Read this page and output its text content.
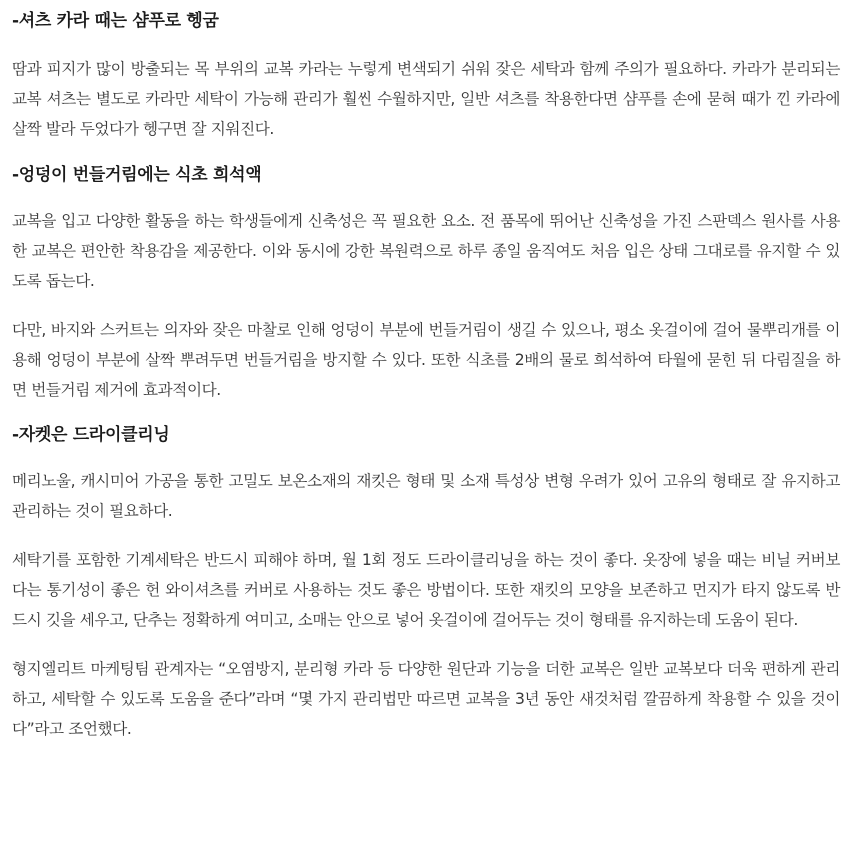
-셔츠 카라 때는 샴푸로 헹굼

땀과 피지가 많이 방출되는 목 부위의 교복 카라는 누렇게 변색되기 쉬워 잦은 세탁과 함께 주의가 필요하다. 카라가 분리되는 교복 셔츠는 별도로 카라만 세탁이 가능해 관리가 훨씬 수월하지만, 일반 셔츠를 착용한다면 샴푸를 손에 묻혀 때가 낀 카라에 살짝 발라 두었다가 헹구면 잘 지워진다.

-엉덩이 번들거림에는 식초 희석액

교복을 입고 다양한 활동을 하는 학생들에게 신축성은 꼭 필요한 요소. 전 품목에 뛰어난 신축성을 가진 스판덱스 원사를 사용한 교복은 편안한 착용감을 제공한다. 이와 동시에 강한 복원력으로 하루 종일 움직여도 처음 입은 상태 그대로를 유지할 수 있도록 돕는다.

다만, 바지와 스커트는 의자와 잦은 마찰로 인해 엉덩이 부분에 번들거림이 생길 수 있으나, 평소 옷걸이에 걸어 물뿌리개를 이용해 엉덩이 부분에 살짝 뿌려두면 번들거림을 방지할 수 있다. 또한 식초를 2배의 물로 희석하여 타월에 묻힌 뒤 다림질을 하면 번들거림 제거에 효과적이다.

-자켓은 드라이클리닝

메리노울, 캐시미어 가공을 통한 고밀도 보온소재의 재킷은 형태 및 소재 특성상 변형 우려가 있어 고유의 형태로 잘 유지하고 관리하는 것이 필요하다.

세탁기를 포함한 기계세탁은 반드시 피해야 하며, 월 1회 정도 드라이클리닝을 하는 것이 좋다. 옷장에 넣을 때는 비닐 커버보다는 통기성이 좋은 헌 와이셔츠를 커버로 사용하는 것도 좋은 방법이다. 또한 재킷의 모양을 보존하고 먼지가 타지 않도록 반드시 깃을 세우고, 단추는 정확하게 여미고, 소매는 안으로 넣어 옷걸이에 걸어두는 것이 형태를 유지하는데 도움이 된다.

형지엘리트 마케팅팀 관계자는 “오염방지, 분리형 카라 등 다양한 원단과 기능을 더한 교복은 일반 교복보다 더욱 편하게 관리하고, 세탁할 수 있도록 도움을 준다”라며 “몇 가지 관리법만 따르면 교복을 3년 동안 새것처럼 깔끔하게 착용할 수 있을 것이다”라고 조언했다.
